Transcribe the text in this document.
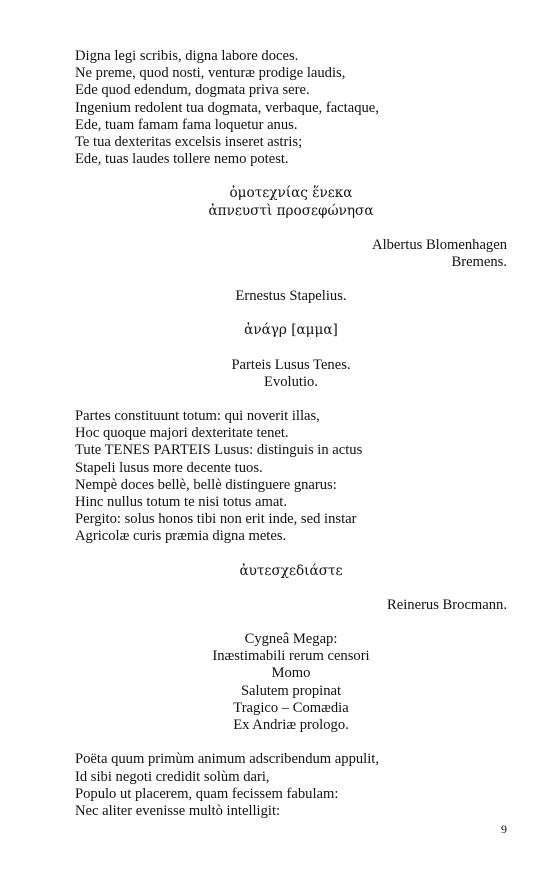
Digna legi scribis, digna labore doces.
Ne preme, quod nosti, venturæ prodige laudis,
Ede quod edendum, dogmata priva sere.
Ingenium redolent tua dogmata, verbaque, factaque,
Ede, tuam famam fama loquetur anus.
Te tua dexteritas excelsis inseret astris;
Ede, tuas laudes tollere nemo potest.
ὁμοτεχνίας ἕνεκα
ἀπνευστὶ προσεφώνησα
Albertus Blomenhagen
Bremens.
Ernestus Stapelius.
ἀνάγρ [αμμα]
Parteis Lusus Tenes.
Evolutio.
Partes constituunt totum: qui noverit illas,
Hoc quoque majori dexteritate tenet.
Tute TENES PARTEIS Lusus: distinguis in actus
Stapeli lusus more decente tuos.
Nempè doces bellè, bellè distinguere gnarus:
Hinc nullus totum te nisi totus amat.
Pergito: solus honos tibi non erit inde, sed instar
Agricolæ curis præmia digna metes.
ἀυτεσχεδιάστε
Reinerus Brocmann.
Cygneâ Megap:
Inæstimabili rerum censori
Momo
Salutem propinat
Tragico – Comædia
Ex Andriæ prologo.
Poëta quum primùm animum adscribendum appulit,
Id sibi negoti credidit solùm dari,
Populo ut placerem, quam fecissem fabulam:
Nec aliter evenisse multò intelligit:
9
